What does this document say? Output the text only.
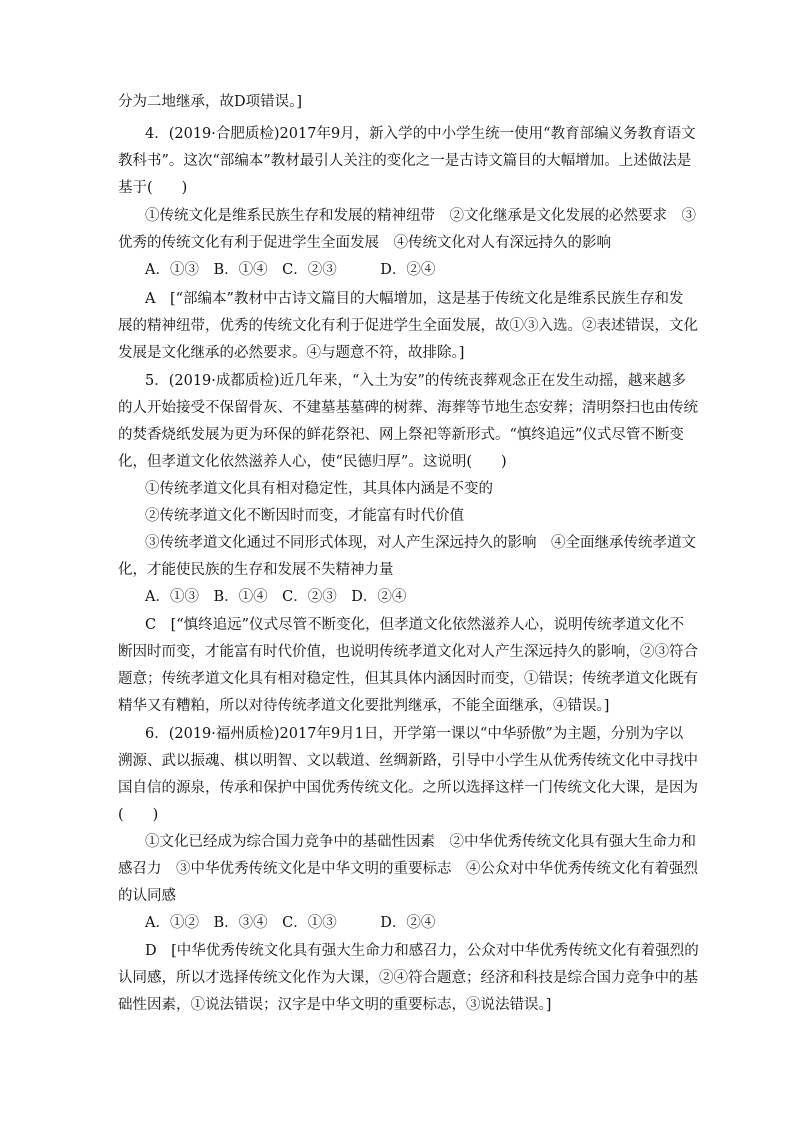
分为二地继承，故D项错误。]
4．(2019·合肥质检)2017年9月，新入学的中小学生统一使用“教育部编义务教育语文
教科书”。这次“部编本”教材最引人关注的变化之一是古诗文篇目的大幅增加。上述做法是
基于(　　)
①传统文化是维系民族生存和发展的精神纽带　②文化继承是文化发展的必然要求　③
优秀的传统文化有利于促进学生全面发展　④传统文化对人有深远持久的影响
A．①③　B．①④　C．②③　　　D．②④
A　[“部编本”教材中古诗文篇目的大幅增加，这是基于传统文化是维系民族生存和发
展的精神纽带，优秀的传统文化有利于促进学生全面发展，故①③入选。②表述错误，文化
发展是文化继承的必然要求。④与题意不符，故排除。]
5．(2019·成都质检)近几年来，“入土为安”的传统丧葬观念正在发生动摇，越来越多
的人开始接受不保留骨灰、不建墓基墓碑的树葬、海葬等节地生态安葬；清明祭扫也由传统
的焚香烧纸发展为更为环保的鲜花祭祀、网上祭祀等新形式。“慎终追远”仪式尽管不断变
化，但孝道文化依然滋养人心，使“民德归厚”。这说明(　　)
①传统孝道文化具有相对稳定性，其具体内涵是不变的
②传统孝道文化不断因时而变，才能富有时代价值
③传统孝道文化通过不同形式体现，对人产生深远持久的影响　④全面继承传统孝道文
化，才能使民族的生存和发展不失精神力量
A．①③　B．①④　C．②③　D．②④
C　[“慎终追远”仪式尽管不断变化，但孝道文化依然滋养人心，说明传统孝道文化不
断因时而变，才能富有时代价值，也说明传统孝道文化对人产生深远持久的影响，②③符合
题意；传统孝道文化具有相对稳定性，但其具体内涵因时而变，①错误；传统孝道文化既有
精华又有糟粕，所以对待传统孝道文化要批判继承，不能全面继承，④错误。]
6．(2019·福州质检)2017年9月1日，开学第一课以“中华骄傲”为主题，分别为字以
溯源、武以振魂、棋以明智、文以载道、丝绸新路，引导中小学生从优秀传统文化中寻找中
国自信的源泉，传承和保护中国优秀传统文化。之所以选择这样一门传统文化大课，是因为
(　　)
①文化已经成为综合国力竞争中的基础性因素　②中华优秀传统文化具有强大生命力和
感召力　③中华优秀传统文化是中华文明的重要标志　④公众对中华优秀传统文化有着强烈
的认同感
A．①②　B．③④　C．①③　　　D．②④
D　[中华优秀传统文化具有强大生命力和感召力，公众对中华优秀传统文化有着强烈的
认同感，所以才选择传统文化作为大课，②④符合题意；经济和科技是综合国力竞争中的基
础性因素，①说法错误；汉字是中华文明的重要标志，③说法错误。]
